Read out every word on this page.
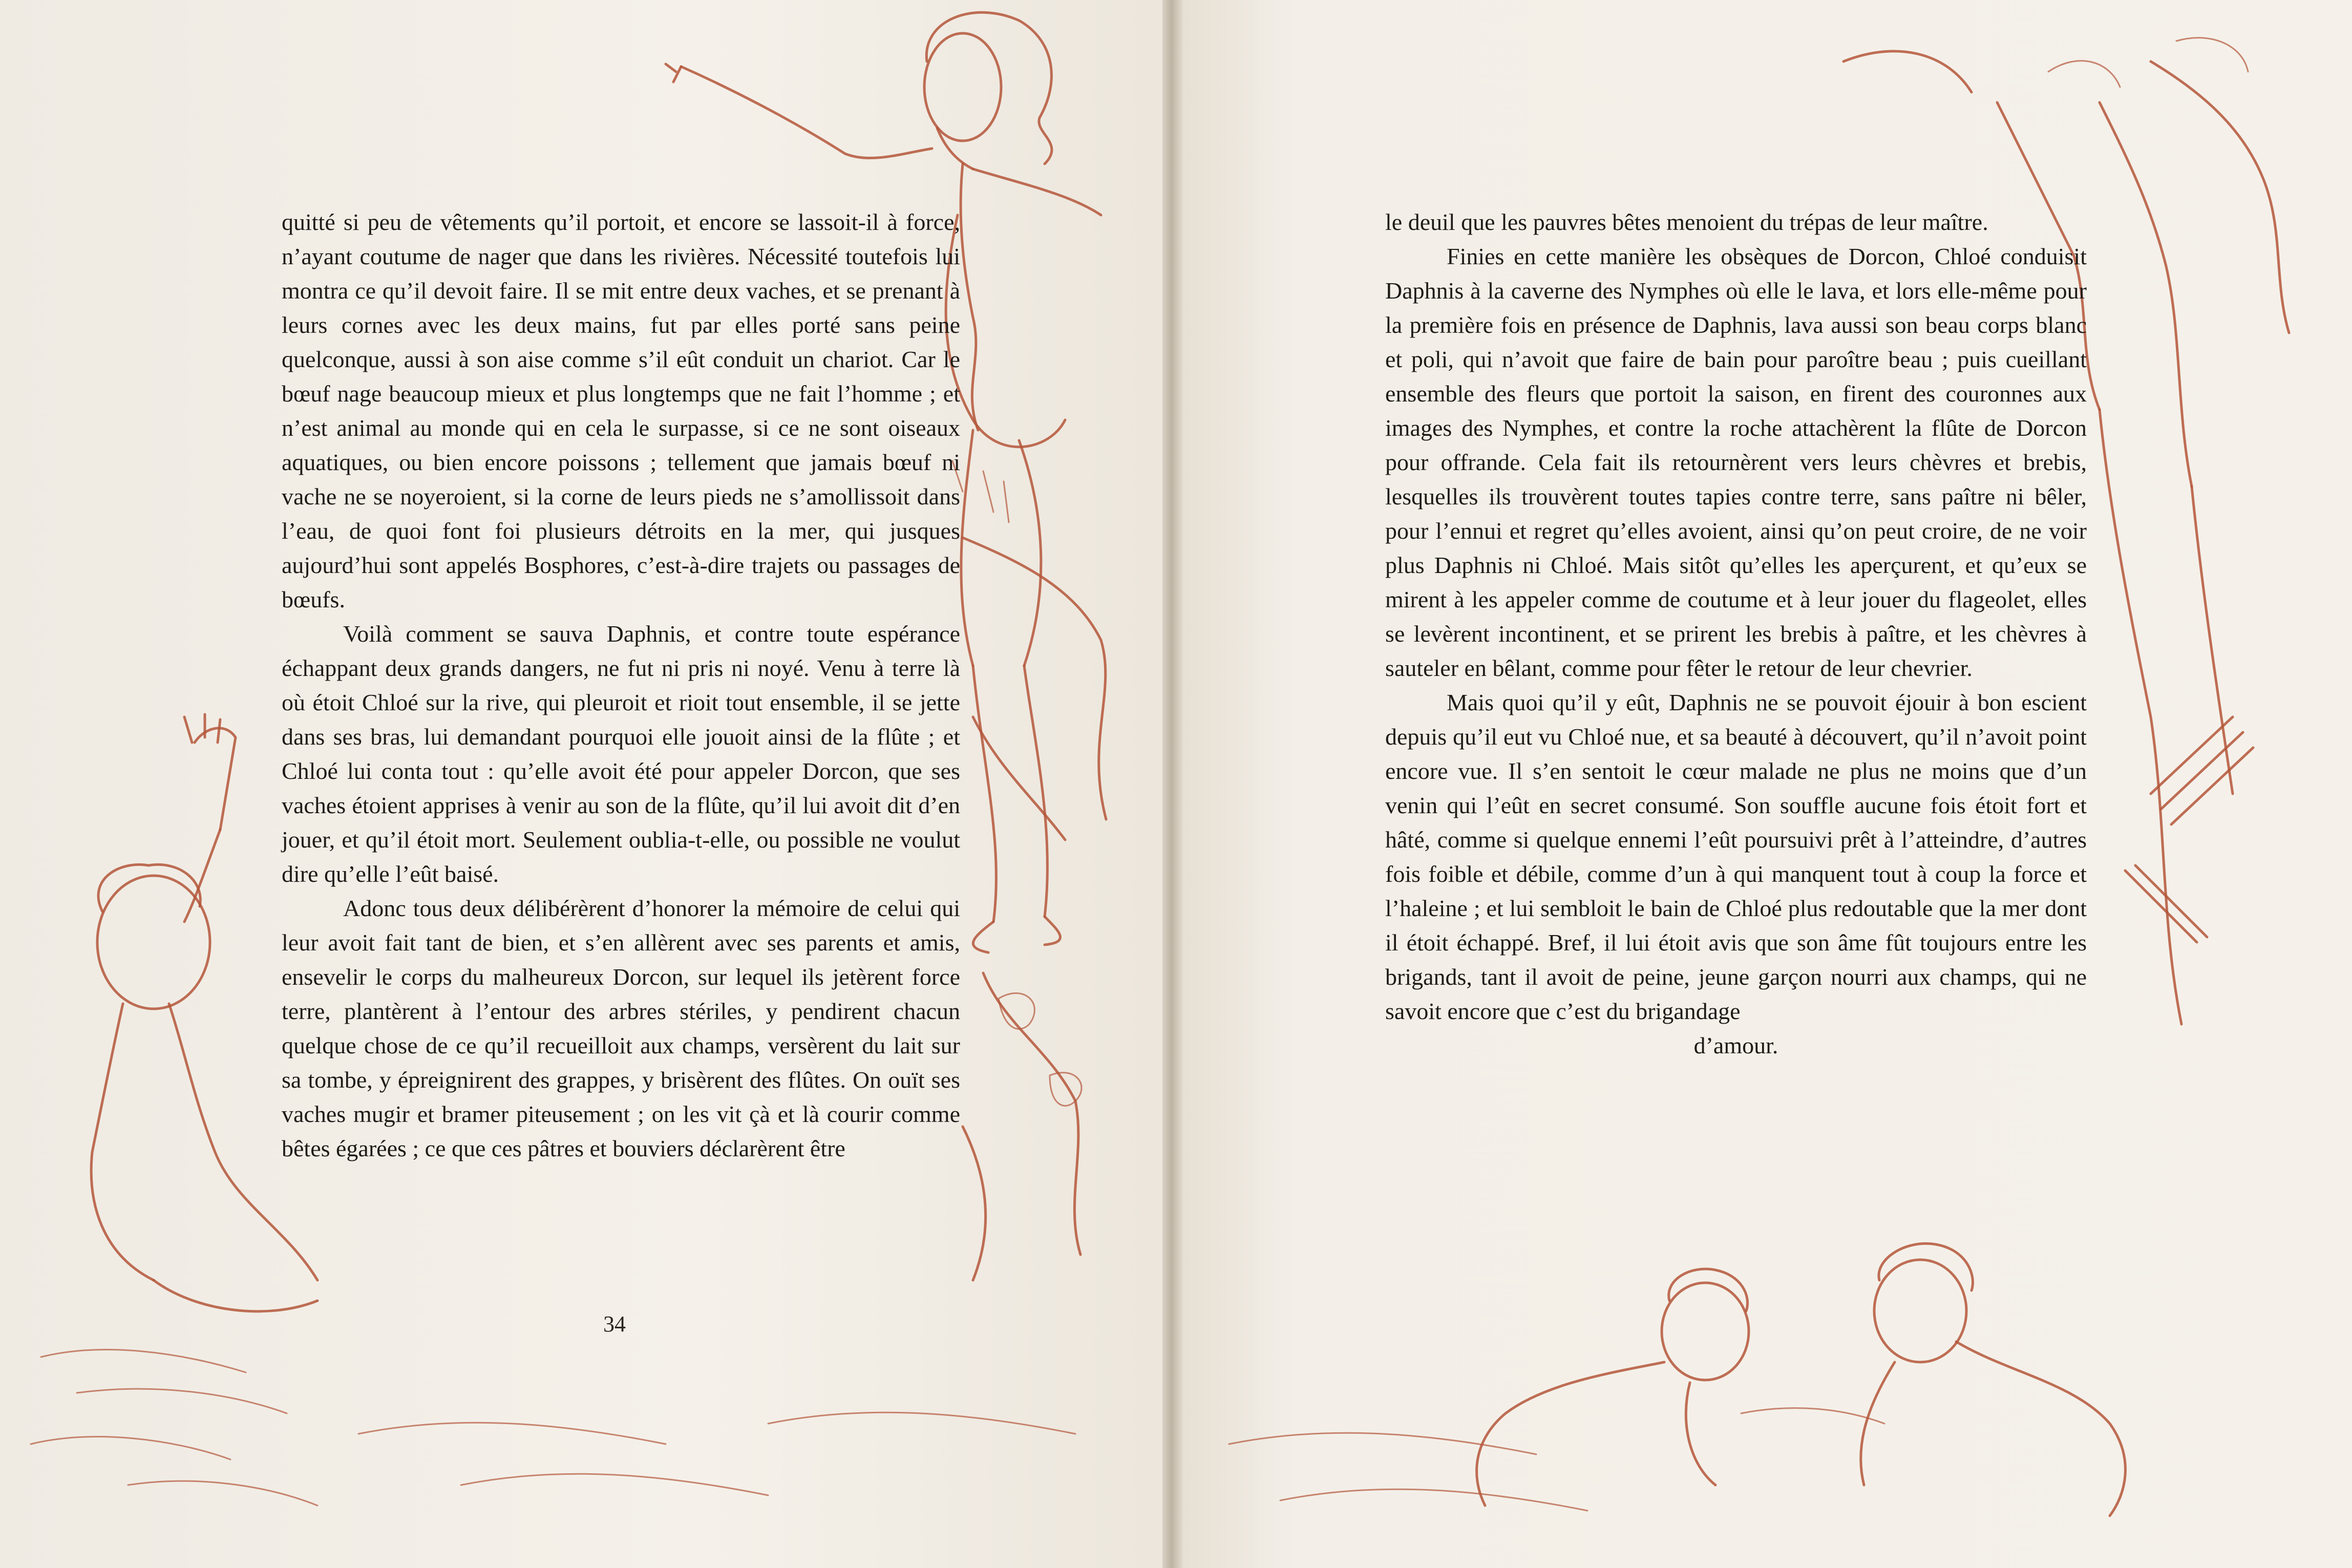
quitté si peu de vêtements qu’il portoit, et encore se lassoit-il à force, n’ayant coutume de nager que dans les rivières. Nécessité toutefois lui montra ce qu’il devoit faire. Il se mit entre deux vaches, et se prenant à leurs cornes avec les deux mains, fut par elles porté sans peine quelconque, aussi à son aise comme s’il eût conduit un chariot. Car le bœuf nage beaucoup mieux et plus longtemps que ne fait l’homme ; et n’est animal au monde qui en cela le surpasse, si ce ne sont oiseaux aquatiques, ou bien encore poissons ; tellement que jamais bœuf ni vache ne se noyeroient, si la corne de leurs pieds ne s’amollissoit dans l’eau, de quoi font foi plusieurs détroits en la mer, qui jusques aujourd’hui sont appelés Bosphores, c’est-à-dire trajets ou passages de bœufs.

Voilà comment se sauva Daphnis, et contre toute espérance échappant deux grands dangers, ne fut ni pris ni noyé. Venu à terre là où étoit Chloé sur la rive, qui pleuroit et rioit tout ensemble, il se jette dans ses bras, lui demandant pourquoi elle jouoit ainsi de la flûte ; et Chloé lui conta tout : qu’elle avoit été pour appeler Dorcon, que ses vaches étoient apprises à venir au son de la flûte, qu’il lui avoit dit d’en jouer, et qu’il étoit mort. Seulement oublia-t-elle, ou possible ne voulut dire qu’elle l’eût baisé.

Adonc tous deux délibérèrent d’honorer la mémoire de celui qui leur avoit fait tant de bien, et s’en allèrent avec ses parents et amis, ensevelir le corps du malheureux Dorcon, sur lequel ils jetèrent force terre, plantèrent à l’entour des arbres stériles, y pendirent chacun quelque chose de ce qu’il recueilloit aux champs, versèrent du lait sur sa tombe, y épreignirent des grappes, y brisèrent des flûtes. On ouït ses vaches mugir et bramer piteusement ; on les vit çà et là courir comme bêtes égarées ; ce que ces pâtres et bouviers déclarèrent être

34

le deuil que les pauvres bêtes menoient du trépas de leur maître.

Finies en cette manière les obsèques de Dorcon, Chloé conduisit Daphnis à la caverne des Nymphes où elle le lava, et lors elle-même pour la première fois en présence de Daphnis, lava aussi son beau corps blanc et poli, qui n’avoit que faire de bain pour paroître beau ; puis cueillant ensemble des fleurs que portoit la saison, en firent des couronnes aux images des Nymphes, et contre la roche attachèrent la flûte de Dorcon pour offrande. Cela fait ils retournèrent vers leurs chèvres et brebis, lesquelles ils trouvèrent toutes tapies contre terre, sans paître ni bêler, pour l’ennui et regret qu’elles avoient, ainsi qu’on peut croire, de ne voir plus Daphnis ni Chloé. Mais sitôt qu’elles les aperçurent, et qu’eux se mirent à les appeler comme de coutume et à leur jouer du flageolet, elles se levèrent incontinent, et se prirent les brebis à paître, et les chèvres à sauteler en bêlant, comme pour fêter le retour de leur chevrier.

Mais quoi qu’il y eût, Daphnis ne se pouvoit éjouir à bon escient depuis qu’il eut vu Chloé nue, et sa beauté à découvert, qu’il n’avoit point encore vue. Il s’en sentoit le cœur malade ne plus ne moins que d’un venin qui l’eût en secret consumé. Son souffle aucune fois étoit fort et hâté, comme si quelque ennemi l’eût poursuivi prêt à l’atteindre, d’autres fois foible et débile, comme d’un à qui manquent tout à coup la force et l’haleine ; et lui sembloit le bain de Chloé plus redoutable que la mer dont il étoit échappé. Bref, il lui étoit avis que son âme fût toujours entre les brigands, tant il avoit de peine, jeune garçon nourri aux champs, qui ne savoit encore que c’est du brigandage

d’amour.
